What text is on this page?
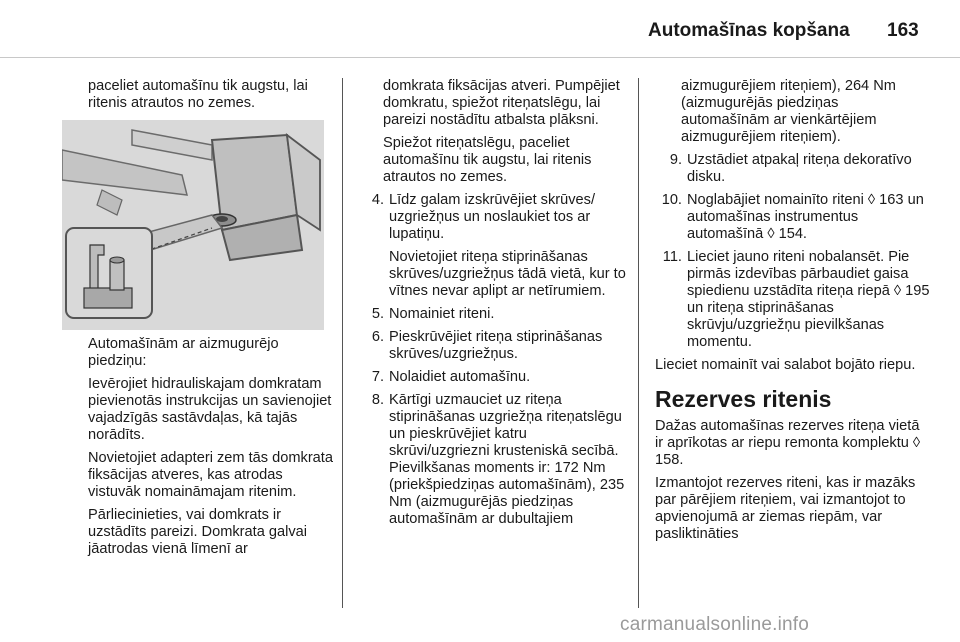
Automašīnas kopšana 163

paceliet automašīnu tik augstu, lai ritenis atrautos no zemes.

Automašīnām ar aizmugurējo piedziņu:

Ievērojiet hidrauliskajam domkratam pievienotās instrukcijas un savienojiet vajadzīgās sastāvdaļas, kā tajās norādīts.

Novietojiet adapteri zem tās domkrata fiksācijas atveres, kas atrodas vistuvāk nomaināmajam ritenim.

Pārliecinieties, vai domkrats ir uzstādīts pareizi. Domkrata galvai jāatrodas vienā līmenī ar

domkrata fiksācijas atveri. Pumpējiet domkratu, spiežot riteņatslēgu, lai pareizi nostādītu atbalsta plāksni.

Spiežot riteņatslēgu, paceliet automašīnu tik augstu, lai ritenis atrautos no zemes.

4. Līdz galam izskrūvējiet skrūves/ uzgriežņus un noslaukiet tos ar lupatiņu.
Novietojiet riteņa stiprināšanas skrūves/uzgriežņus tādā vietā, kur to vītnes nevar aplipt ar netīrumiem.
5. Nomainiet riteni.
6. Pieskrūvējiet riteņa stiprināšanas skrūves/uzgriežņus.
7. Nolaidiet automašīnu.
8. Kārtīgi uzmauciet uz riteņa stiprināšanas uzgriežņa riteņatslēgu un pieskrūvējiet katru skrūvi/uzgriezni krusteniskā secībā. Pievilkšanas moments ir: 172 Nm (priekšpiedziņas automašīnām), 235 Nm (aizmugurējās piedziņas automašīnām ar dubultajiem

aizmugurējiem riteņiem), 264 Nm (aizmugurējās piedziņas automašīnām ar vienkārtējiem aizmugurējiem riteņiem).

9. Uzstādiet atpakaļ riteņa dekoratīvo disku.
10. Noglabājiet nomainīto riteni ◊ 163 un automašīnas instrumentus automašīnā ◊ 154.
11. Lieciet jauno riteni nobalansēt. Pie pirmās izdevības pārbaudiet gaisa spiedienu uzstādīta riteņa riepā ◊ 195 un riteņa stiprināšanas skrūvju/uzgriežņu pievilkšanas momentu.

Lieciet nomainīt vai salabot bojāto riepu.

Rezerves ritenis

Dažas automašīnas rezerves riteņa vietā ir aprīkotas ar riepu remonta komplektu ◊ 158.

Izmantojot rezerves riteni, kas ir mazāks par pārējiem riteņiem, vai izmantojot to apvienojumā ar ziemas riepām, var pasliktināties

carmanualsonline.info
